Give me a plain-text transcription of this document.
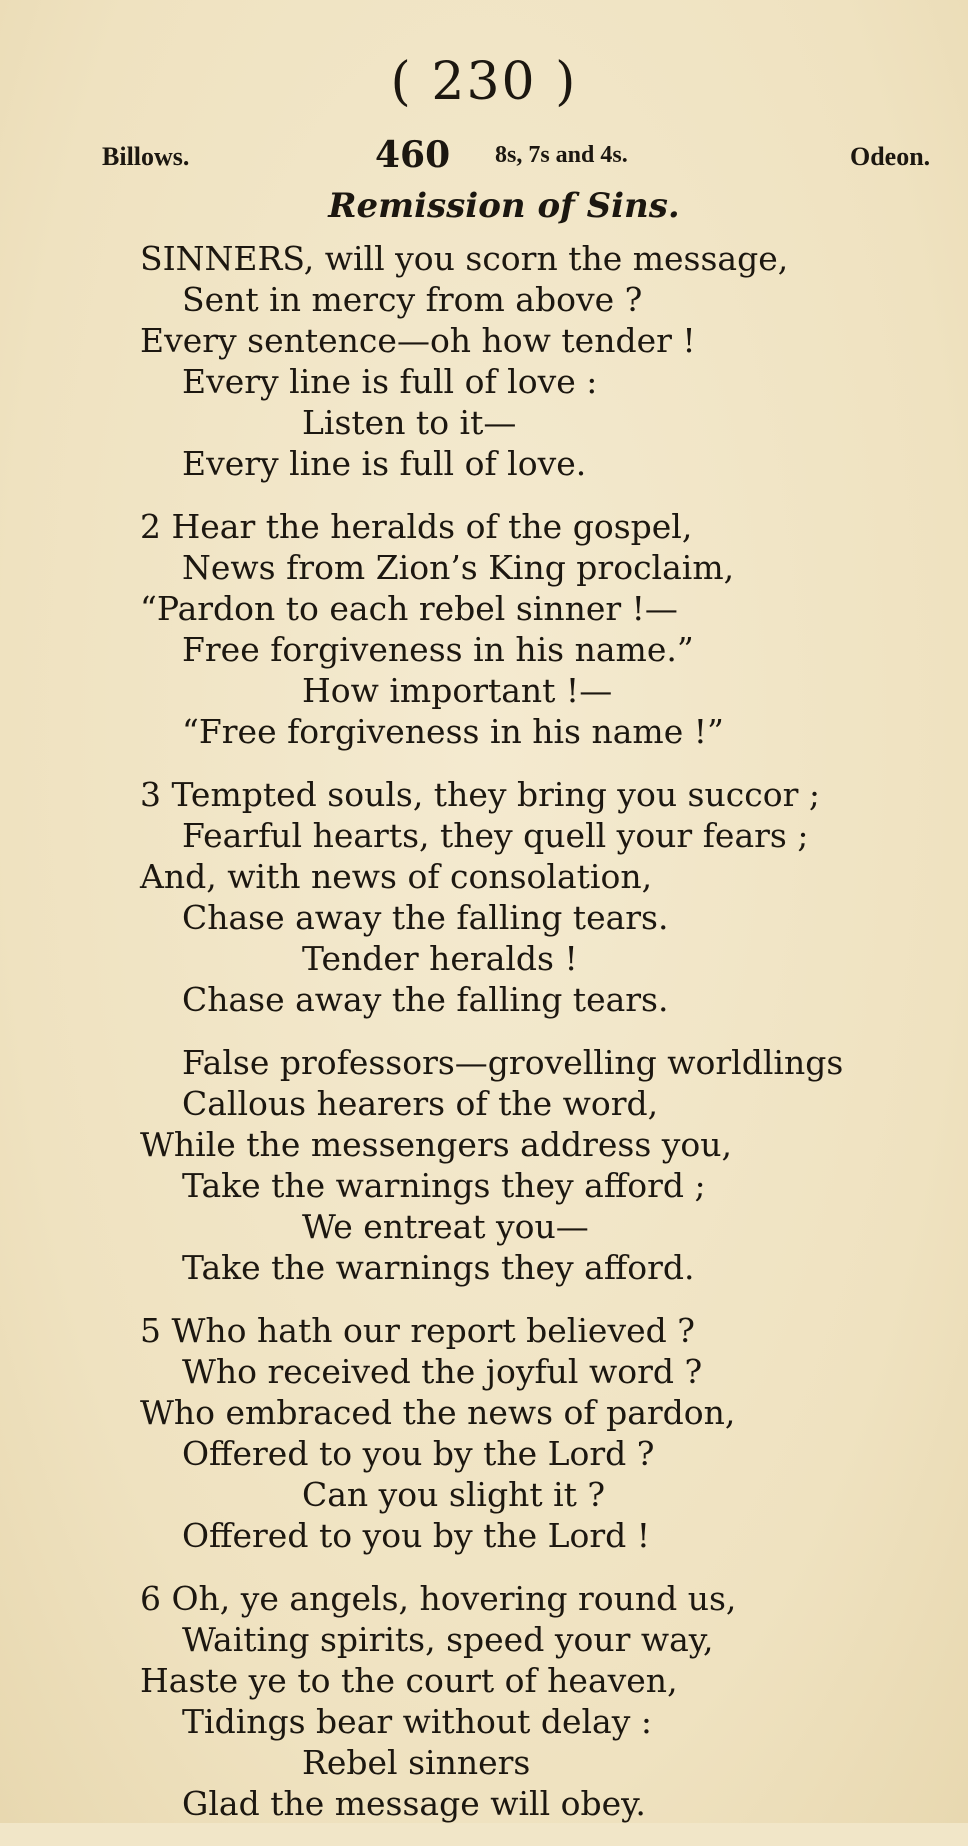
( 230 )
Billows.	460 8s, 7s and 4s.	Odeon.
Remission of Sins.
SINNERS, will you scorn the message,
Sent in mercy from above ?
Every sentence—oh how tender !
Every line is full of love :
Listen to it—
Every line is full of love.
2 Hear the heralds of the gospel,
News from Zion’s King proclaim,
“Pardon to each rebel sinner !—
Free forgiveness in his name.”
How important !—
“Free forgiveness in his name !”
3 Tempted souls, they bring you succor ;
Fearful hearts, they quell your fears ;
And, with news of consolation,
Chase away the falling tears.
Tender heralds !
Chase away the falling tears.
False professors—grovelling worldlings
Callous hearers of the word,
While the messengers address you,
Take the warnings they afford ;
We entreat you—
Take the warnings they afford.
5 Who hath our report believed ?
Who received the joyful word ?
Who embraced the news of pardon,
Offered to you by the Lord ?
Can you slight it ?
Offered to you by the Lord !
6 Oh, ye angels, hovering round us,
Waiting spirits, speed your way,
Haste ye to the court of heaven,
Tidings bear without delay :
Rebel sinners
Glad the message will obey.
